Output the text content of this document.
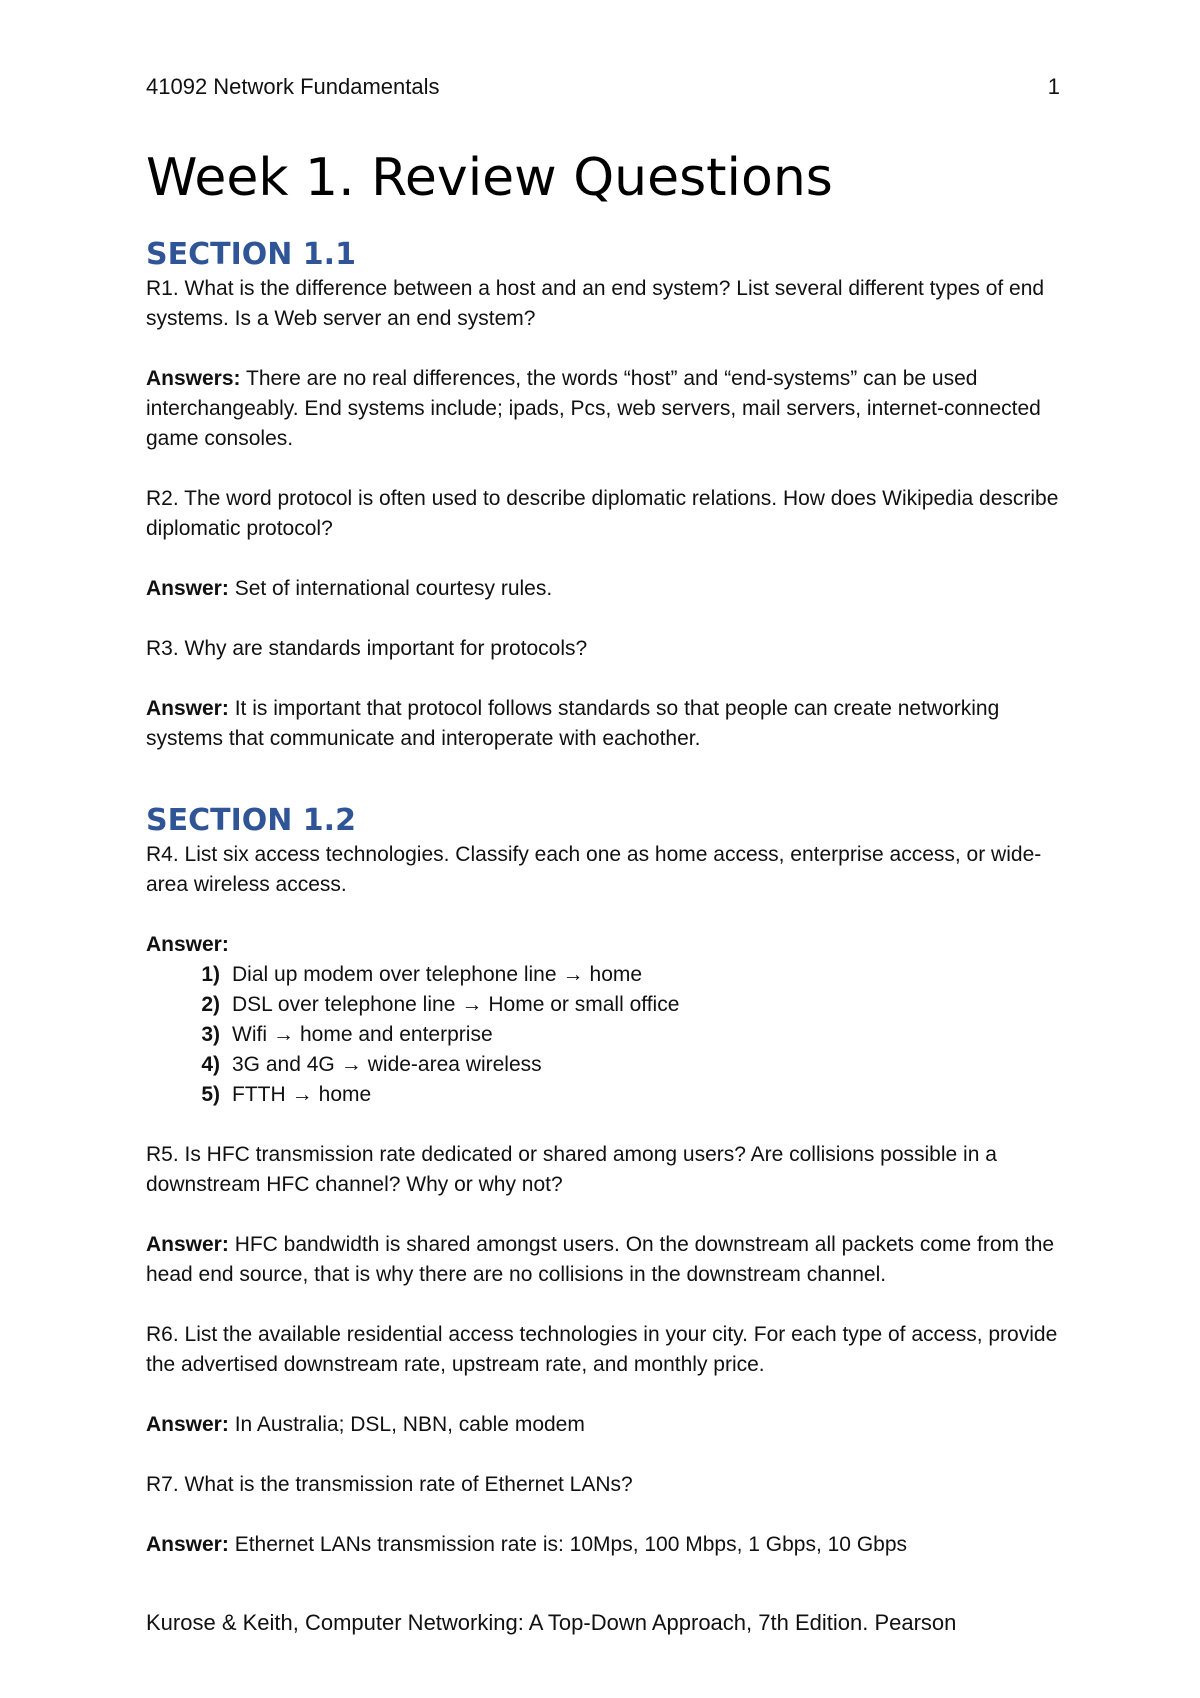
41092 Network Fundamentals	1
Week 1. Review Questions
SECTION 1.1

R1. What is the difference between a host and an end system? List several different types of end systems. Is a Web server an end system?

Answers: There are no real differences, the words “host” and “end-systems” can be used interchangeably. End systems include; ipads, Pcs, web servers, mail servers, internet-connected game consoles.

R2. The word protocol is often used to describe diplomatic relations. How does Wikipedia describe diplomatic protocol?

Answer: Set of international courtesy rules.

R3. Why are standards important for protocols?

Answer: It is important that protocol follows standards so that people can create networking systems that communicate and interoperate with eachother.

SECTION 1.2

R4. List six access technologies. Classify each one as home access, enterprise access, or wide-area wireless access.

Answer:

1) Dial up modem over telephone line → home
2) DSL over telephone line → Home or small office
3) Wifi → home and enterprise
4) 3G and 4G → wide-area wireless
5) FTTH → home

R5. Is HFC transmission rate dedicated or shared among users? Are collisions possible in a downstream HFC channel? Why or why not?

Answer: HFC bandwidth is shared amongst users. On the downstream all packets come from the head end source, that is why there are no collisions in the downstream channel.

R6. List the available residential access technologies in your city. For each type of access, provide the advertised downstream rate, upstream rate, and monthly price.

Answer: In Australia; DSL, NBN, cable modem

R7. What is the transmission rate of Ethernet LANs?

Answer: Ethernet LANs transmission rate is: 10Mps, 100 Mbps, 1 Gbps, 10 Gbps

Kurose & Keith, Computer Networking: A Top-Down Approach, 7th Edition. Pearson
